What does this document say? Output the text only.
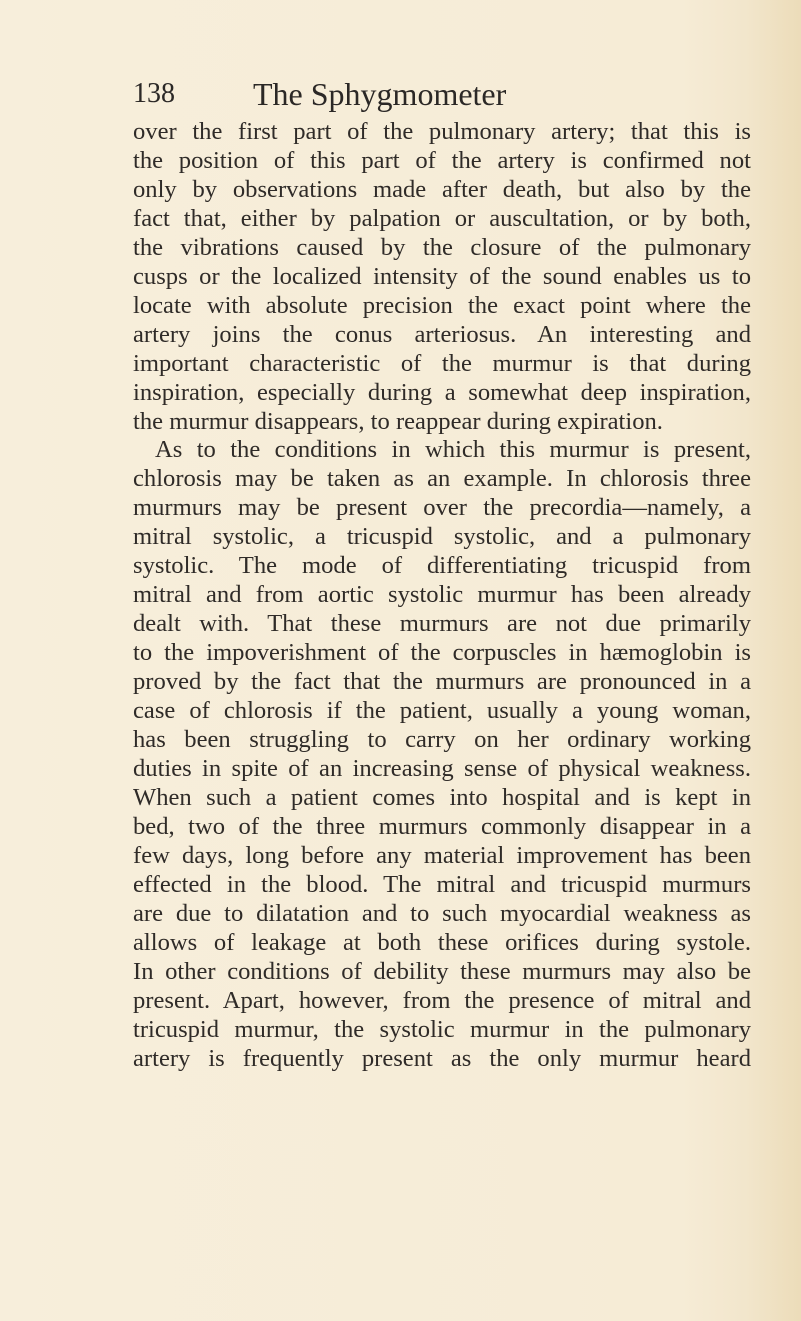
138 The Sphygmometer
over the first part of the pulmonary artery; that this is
the position of this part of the artery is confirmed not
only by observations made after death, but also by the
fact that, either by palpation or auscultation, or by both,
the vibrations caused by the closure of the pulmonary
cusps or the localized intensity of the sound enables us to
locate with absolute precision the exact point where the
artery joins the conus arteriosus. An interesting and
important characteristic of the murmur is that during
inspiration, especially during a somewhat deep inspiration,
the murmur disappears, to reappear during expiration.
As to the conditions in which this murmur is present,
chlorosis may be taken as an example. In chlorosis three
murmurs may be present over the precordia—namely, a
mitral systolic, a tricuspid systolic, and a pulmonary
systolic. The mode of differentiating tricuspid from
mitral and from aortic systolic murmur has been already
dealt with. That these murmurs are not due primarily
to the impoverishment of the corpuscles in hæmoglobin is
proved by the fact that the murmurs are pronounced in a
case of chlorosis if the patient, usually a young woman,
has been struggling to carry on her ordinary working
duties in spite of an increasing sense of physical weakness.
When such a patient comes into hospital and is kept in
bed, two of the three murmurs commonly disappear in a
few days, long before any material improvement has been
effected in the blood. The mitral and tricuspid murmurs
are due to dilatation and to such myocardial weakness as
allows of leakage at both these orifices during systole.
In other conditions of debility these murmurs may also be
present. Apart, however, from the presence of mitral and
tricuspid murmur, the systolic murmur in the pulmonary
artery is frequently present as the only murmur heard
